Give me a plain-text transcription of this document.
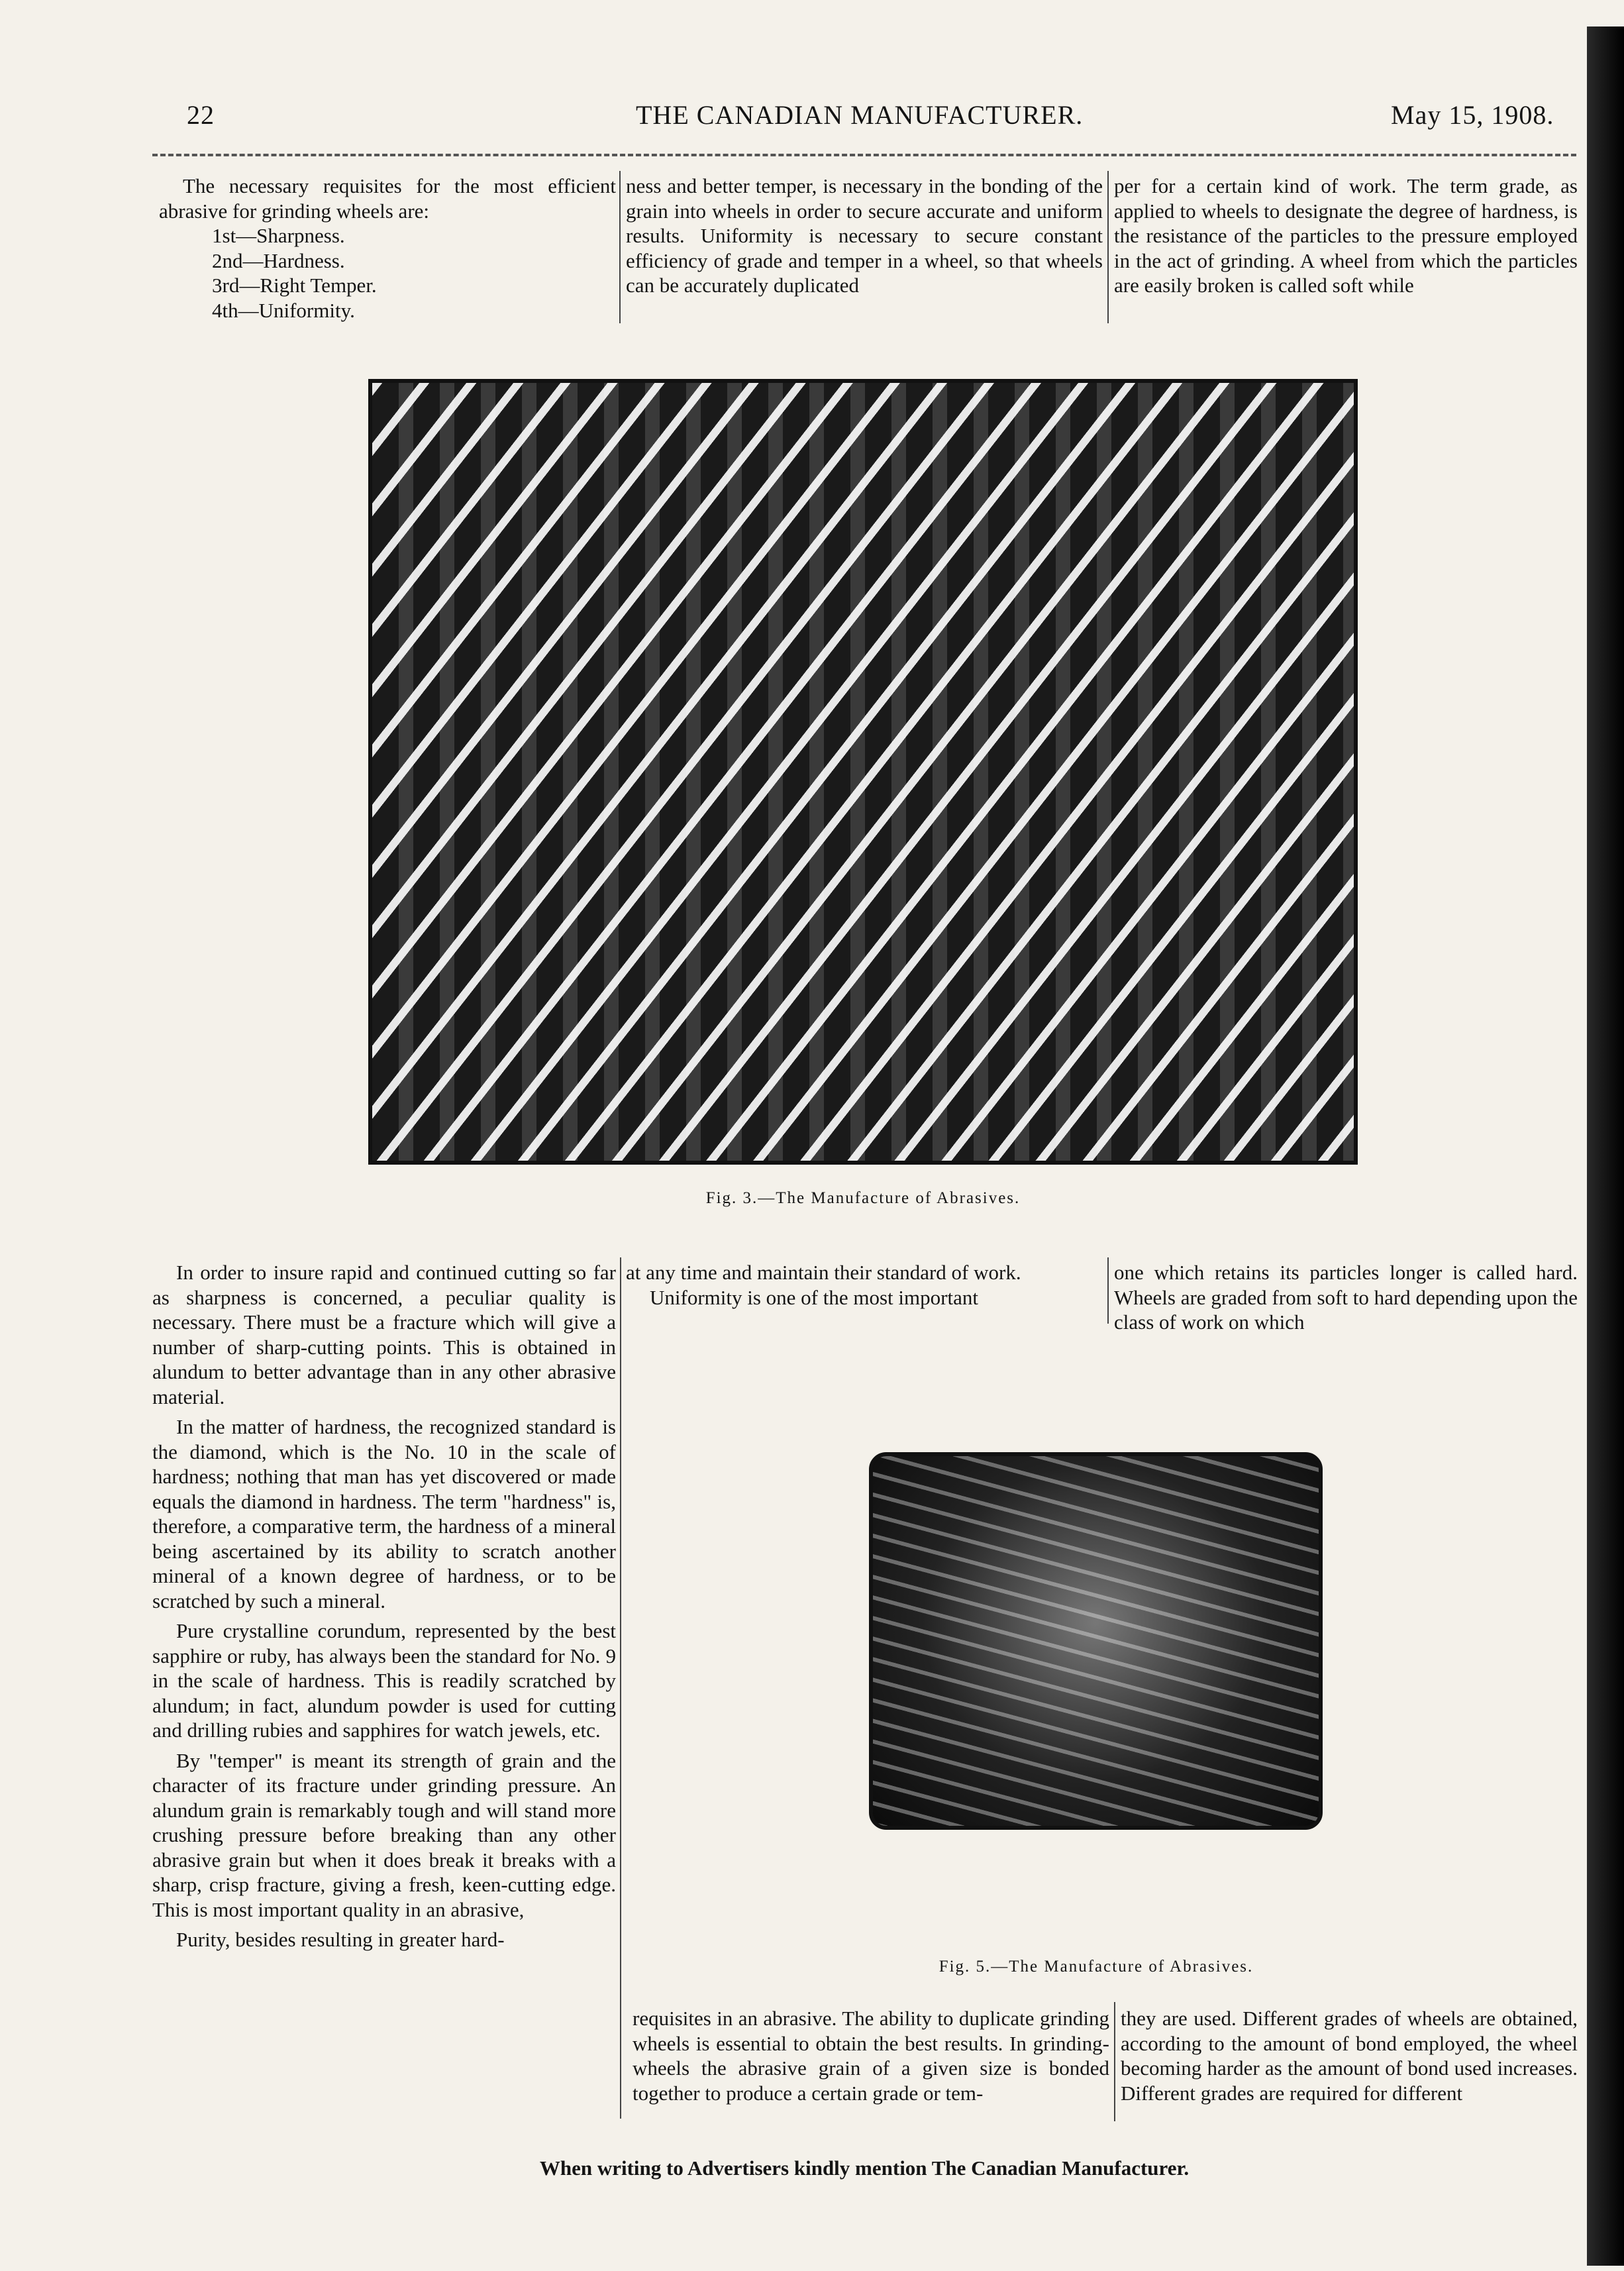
22	THE CANADIAN MANUFACTURER.	May 15, 1908.

The necessary requisites for the most efficient abrasive for grinding wheels are:

1st—Sharpness.
2nd—Hardness.
3rd—Right Temper.
4th—Uniformity.

ness and better temper, is necessary in the bonding of the grain into wheels in order to secure accurate and uniform results. Uniformity is necessary to secure constant efficiency of grade and temper in a wheel, so that wheels can be accurately duplicated

per for a certain kind of work. The term grade, as applied to wheels to designate the degree of hardness, is the resistance of the particles to the pressure employed in the act of grinding. A wheel from which the particles are easily broken is called soft while

Fig. 3.—The Manufacture of Abrasives.

In order to insure rapid and continued cutting so far as sharpness is concerned, a peculiar quality is necessary. There must be a fracture which will give a number of sharp-cutting points. This is obtained in alundum to better advantage than in any other abrasive material.

In the matter of hardness, the recognized standard is the diamond, which is the No. 10 in the scale of hardness; nothing that man has yet discovered or made equals the diamond in hardness. The term "hardness" is, therefore, a comparative term, the hardness of a mineral being ascertained by its ability to scratch another mineral of a known degree of hardness, or to be scratched by such a mineral.

Pure crystalline corundum, represented by the best sapphire or ruby, has always been the standard for No. 9 in the scale of hardness. This is readily scratched by alundum; in fact, alundum powder is used for cutting and drilling rubies and sapphires for watch jewels, etc.

By "temper" is meant its strength of grain and the character of its fracture under grinding pressure. An alundum grain is remarkably tough and will stand more crushing pressure before breaking than any other abrasive grain but when it does break it breaks with a sharp, crisp fracture, giving a fresh, keen-cutting edge. This is most important quality in an abrasive,

Purity, besides resulting in greater hard-

at any time and maintain their standard of work.

Uniformity is one of the most important

one which retains its particles longer is called hard. Wheels are graded from soft to hard depending upon the class of work on which

Fig. 5.—The Manufacture of Abrasives.

requisites in an abrasive. The ability to duplicate grinding wheels is essential to obtain the best results. In grinding-wheels the abrasive grain of a given size is bonded together to produce a certain grade or tem-

they are used. Different grades of wheels are obtained, according to the amount of bond employed, the wheel becoming harder as the amount of bond used increases. Different grades are required for different

When writing to Advertisers kindly mention The Canadian Manufacturer.
